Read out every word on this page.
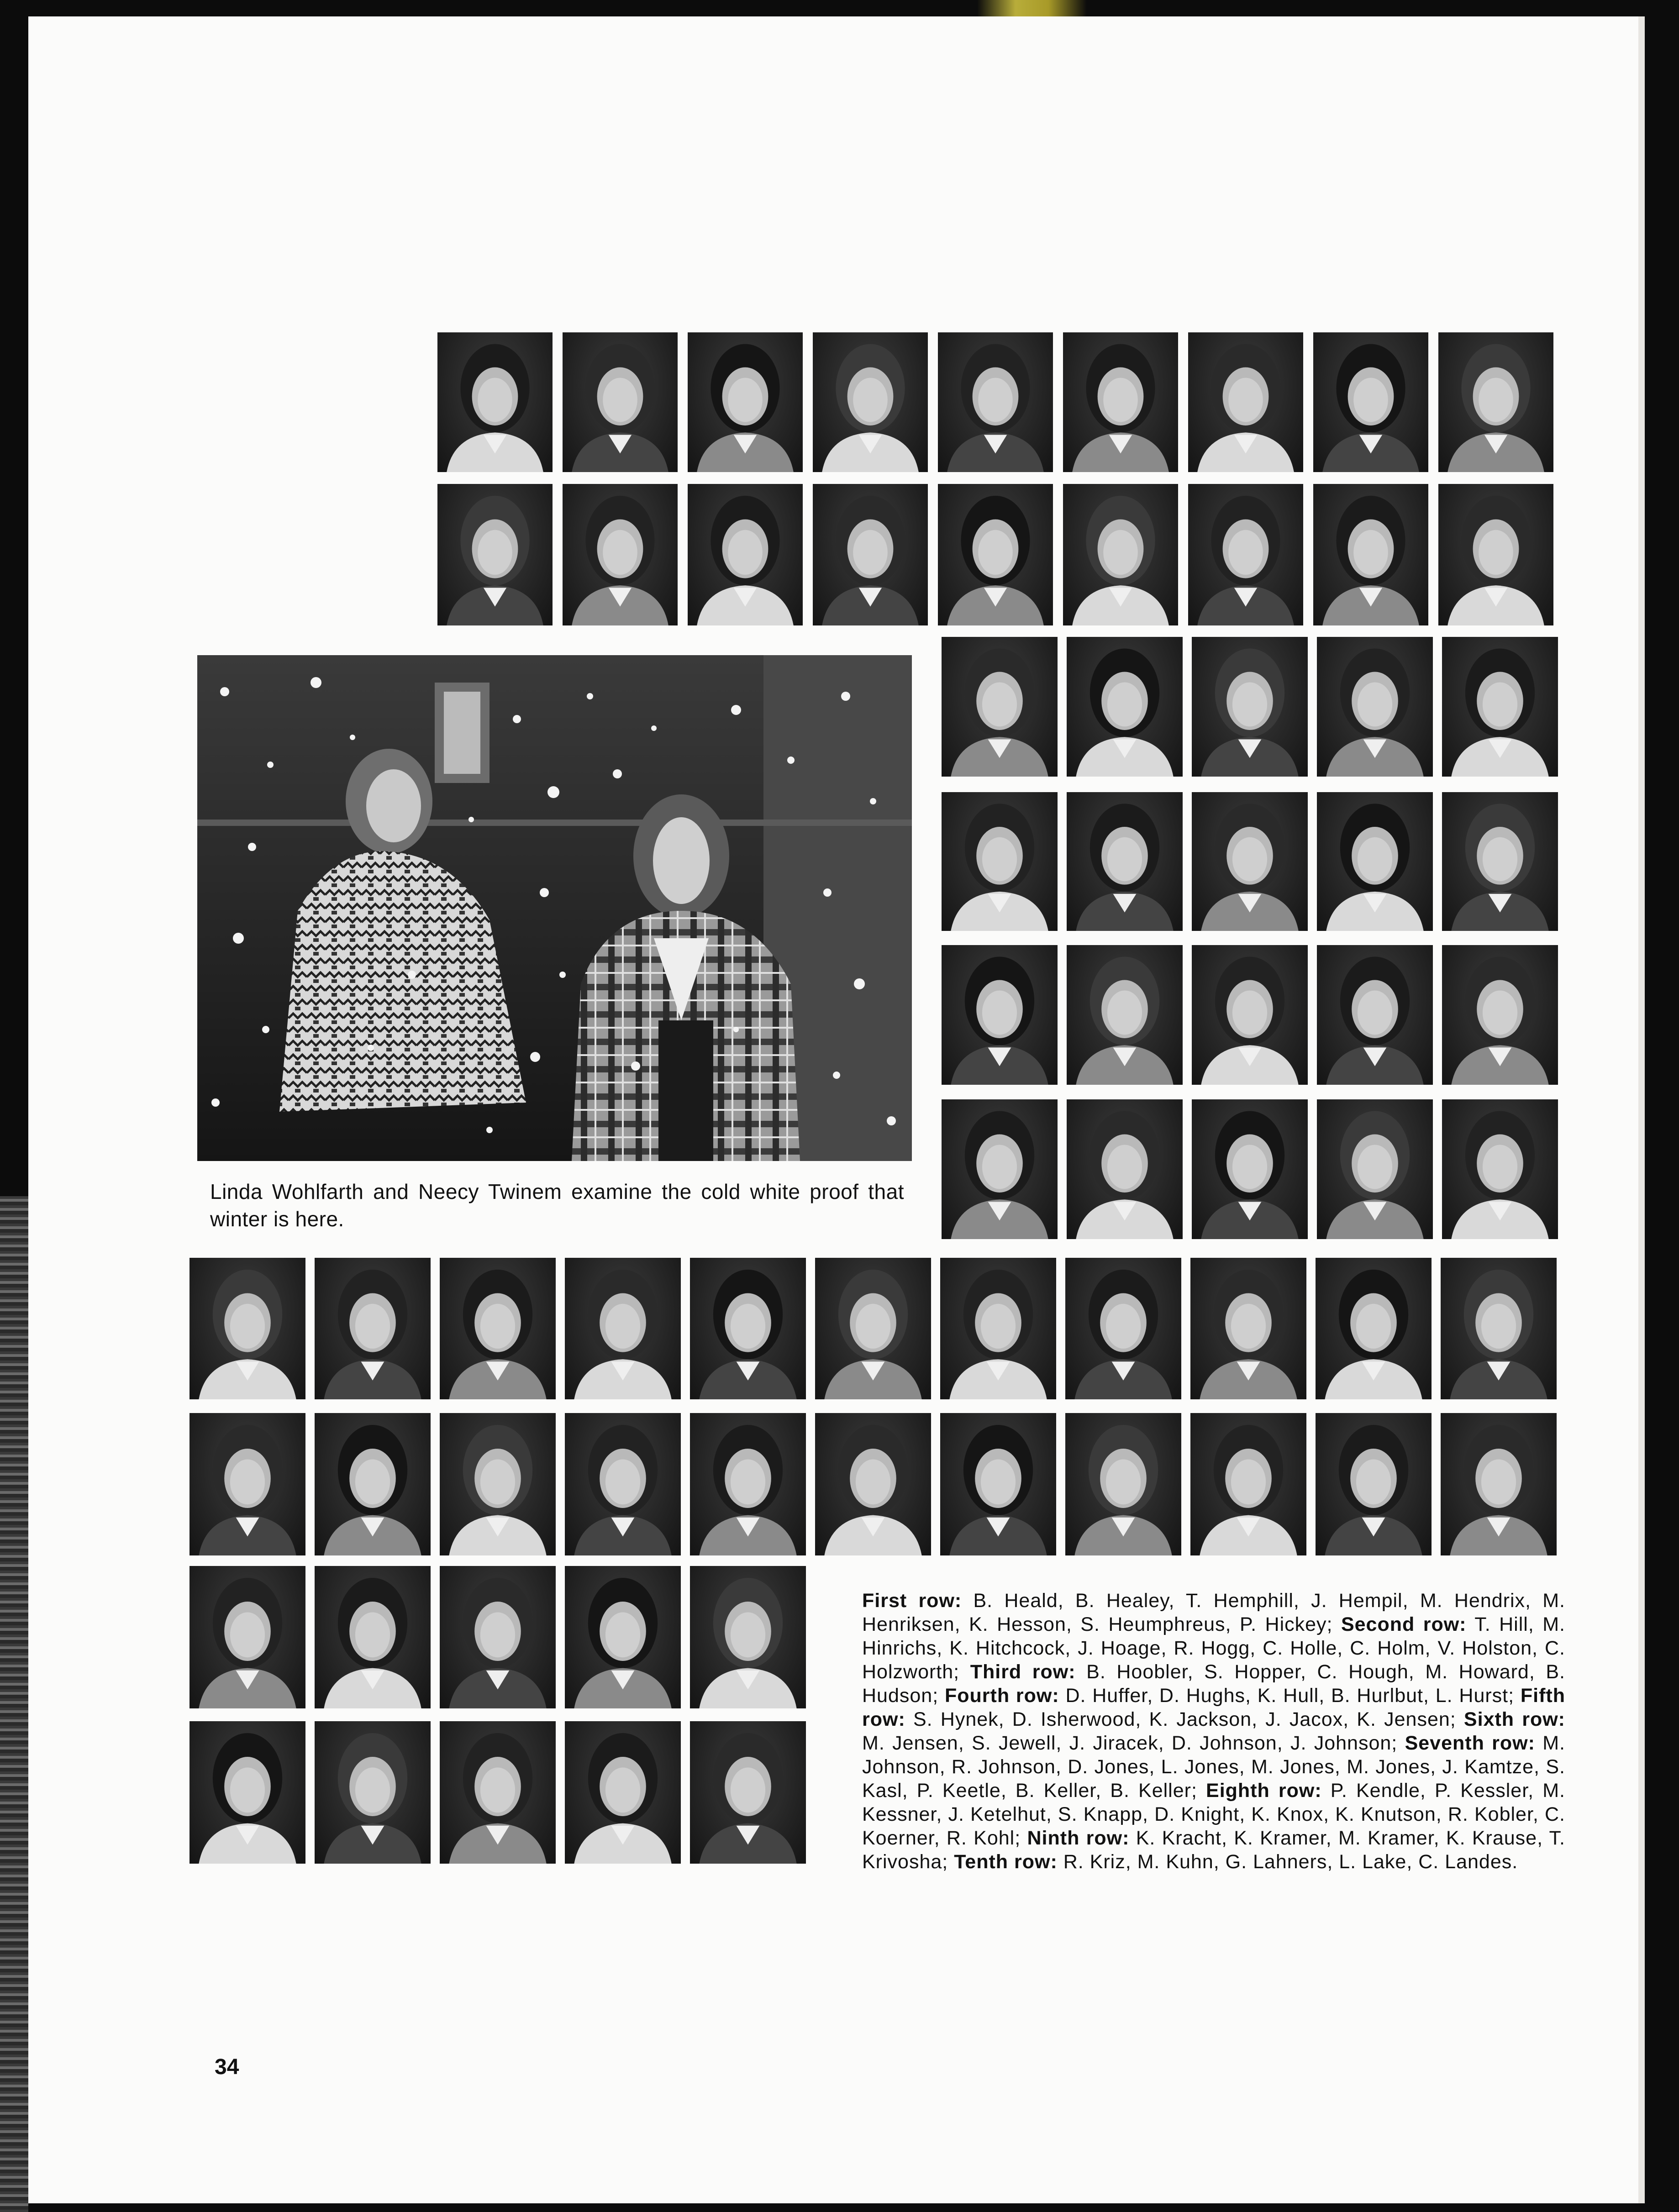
Linda Wohlfarth and Neecy Twinem examine the cold white proof that winter is here.
First row: B. Heald, B. Healey, T. Hemphill, J. Hempil, M. Hendrix, M. Henriksen, K. Hesson, S. Heumphreus, P. Hickey; Second row: T. Hill, M. Hinrichs, K. Hitchcock, J. Hoage, R. Hogg, C. Holle, C. Holm, V. Holston, C. Holzworth; Third row: B. Hoobler, S. Hopper, C. Hough, M. Howard, B. Hudson; Fourth row: D. Huffer, D. Hughs, K. Hull, B. Hurlbut, L. Hurst; Fifth row: S. Hynek, D. Isherwood, K. Jackson, J. Jacox, K. Jensen; Sixth row: M. Jensen, S. Jewell, J. Jiracek, D. Johnson, J. Johnson; Seventh row: M. Johnson, R. Johnson, D. Jones, L. Jones, M. Jones, M. Jones, J. Kamtze, S. Kasl, P. Keetle, B. Keller, B. Keller; Eighth row: P. Kendle, P. Kessler, M. Kessner, J. Ketelhut, S. Knapp, D. Knight, K. Knox, K. Knutson, R. Kobler, C. Koerner, R. Kohl; Ninth row: K. Kracht, K. Kramer, M. Kramer, K. Krause, T. Krivosha; Tenth row: R. Kriz, M. Kuhn, G. Lahners, L. Lake, C. Landes.
34
